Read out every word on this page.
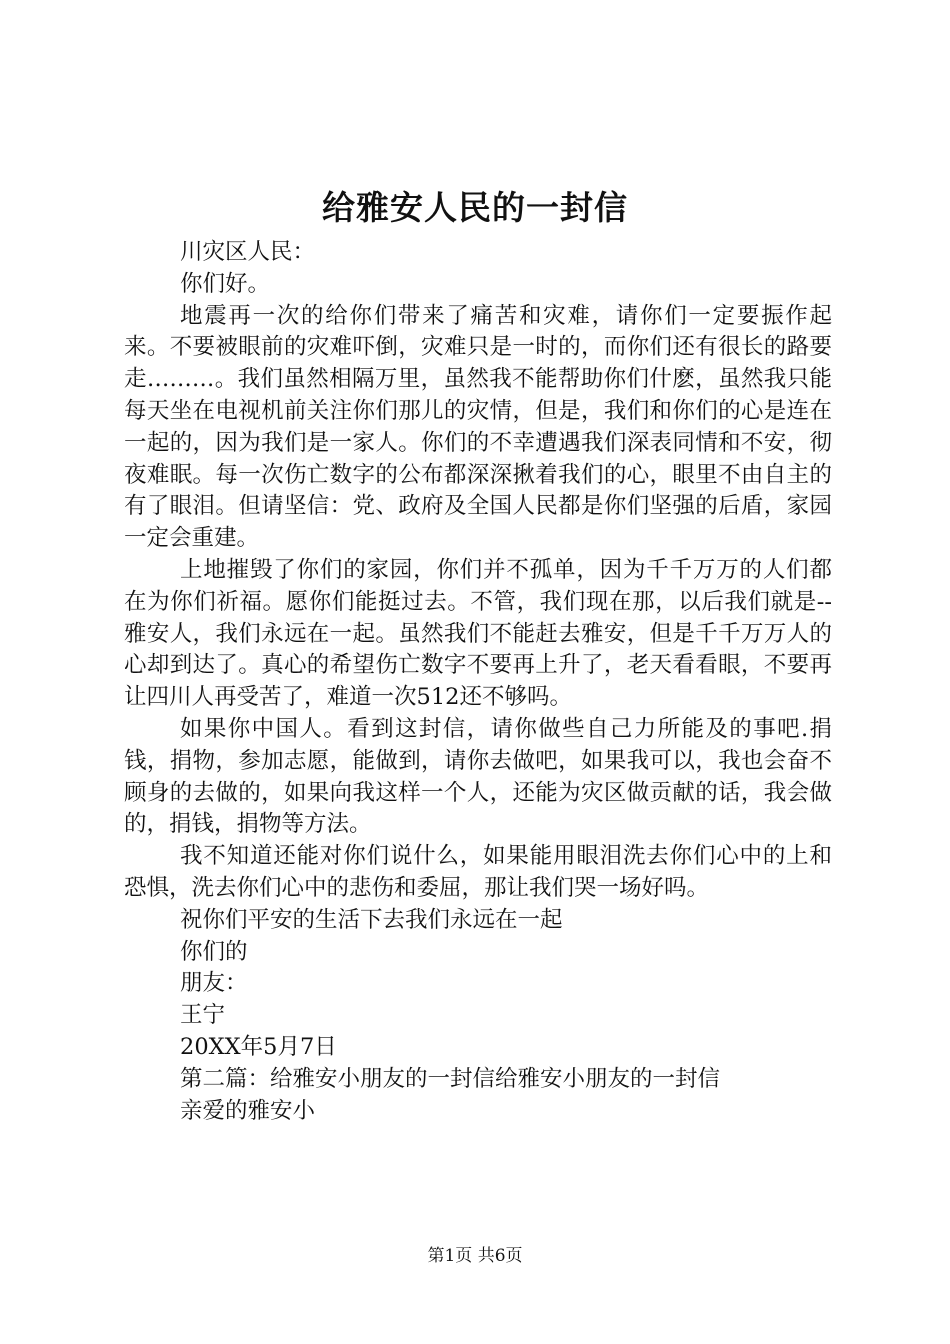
给雅安人民的一封信
川灾区人民：
你们好。

地震再一次的给你们带来了痛苦和灾难，请你们一定要振作起来。不要被眼前的灾难吓倒，灾难只是一时的，而你们还有很长的路要走………。我们虽然相隔万里，虽然我不能帮助你们什麽，虽然我只能每天坐在电视机前关注你们那儿的灾情，但是，我们和你们的心是连在一起的，因为我们是一家人。你们的不幸遭遇我们深表同情和不安，彻夜难眠。每一次伤亡数字的公布都深深揪着我们的心，眼里不由自主的有了眼泪。但请坚信：党、政府及全国人民都是你们坚强的后盾，家园一定会重建。

上地摧毁了你们的家园，你们并不孤单，因为千千万万的人们都在为你们祈福。愿你们能挺过去。不管，我们现在那，以后我们就是--雅安人，我们永远在一起。虽然我们不能赶去雅安，但是千千万万人的心却到达了。真心的希望伤亡数字不要再上升了，老天看看眼，不要再让四川人再受苦了，难道一次512还不够吗。

如果你中国人。看到这封信，请你做些自己力所能及的事吧.捐钱，捐物，参加志愿，能做到，请你去做吧，如果我可以，我也会奋不顾身的去做的，如果向我这样一个人，还能为灾区做贡献的话，我会做的，捐钱，捐物等方法。

我不知道还能对你们说什么，如果能用眼泪洗去你们心中的上和恐惧，洗去你们心中的悲伤和委屈，那让我们哭一场好吗。

祝你们平安的生活下去我们永远在一起
你们的
朋友：
王宁
20XX年5月7日
第二篇：给雅安小朋友的一封信给雅安小朋友的一封信
亲爱的雅安小
第1页 共6页
